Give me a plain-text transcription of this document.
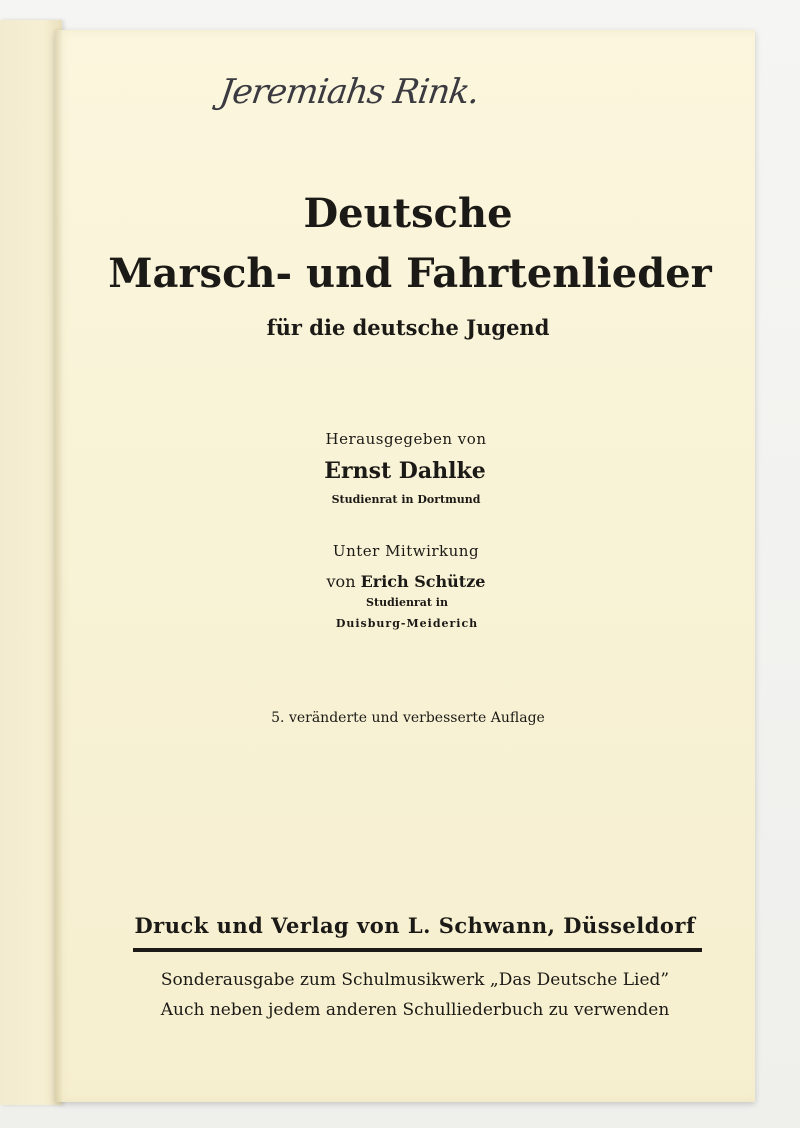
Jeremiahs Rink.
Deutsche
Marsch- und Fahrtenlieder
für die deutsche Jugend
Herausgegeben von
Ernst Dahlke
Studienrat in Dortmund
Unter Mitwirkung
von Erich Schütze
Studienrat in
Duisburg-Meiderich
5. veränderte und verbesserte Auflage
Druck und Verlag von L. Schwann, Düsseldorf
Sonderausgabe zum Schulmusikwerk „Das Deutsche Lied”
Auch neben jedem anderen Schulliederbuch zu verwenden
